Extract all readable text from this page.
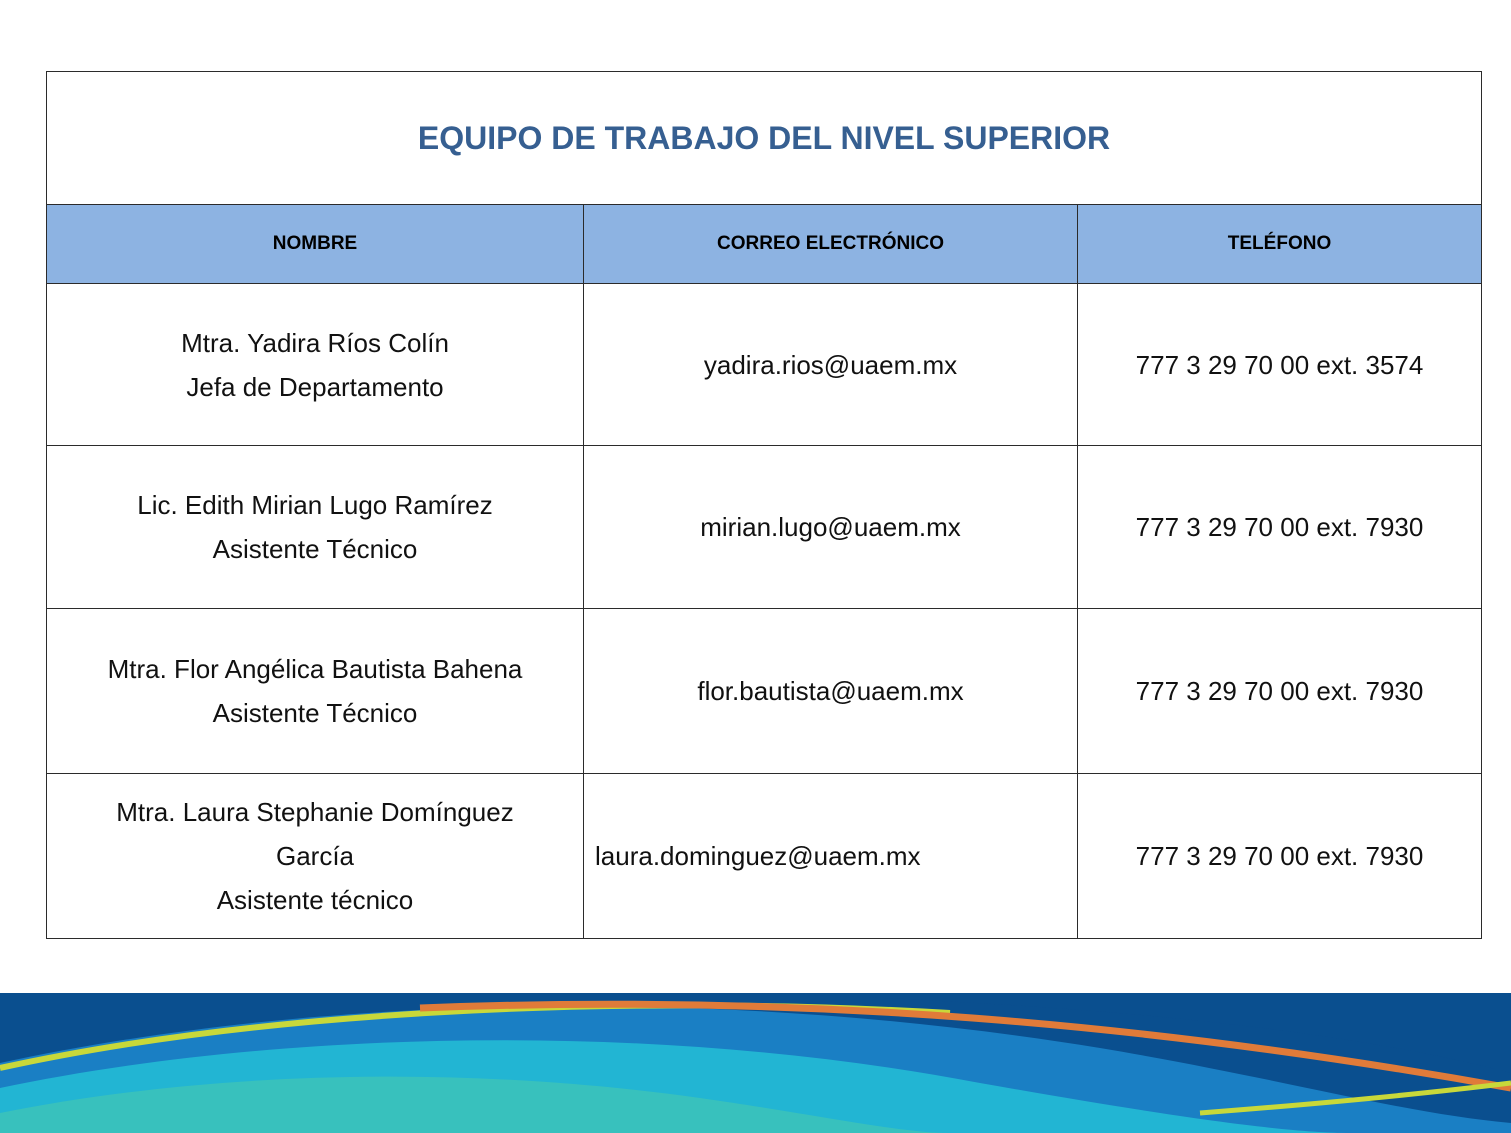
EQUIPO DE TRABAJO DEL NIVEL SUPERIOR		
NOMBRE	CORREO ELECTRÓNICO	TELÉFONO

Mtra. Yadira Ríos Colín
Jefa de Departamento	yadira.rios@uaem.mx	777 3 29 70 00 ext. 3574

Lic. Edith Mirian Lugo Ramírez
Asistente Técnico	mirian.lugo@uaem.mx	777 3 29 70 00 ext. 7930

Mtra. Flor Angélica Bautista Bahena
Asistente Técnico	flor.bautista@uaem.mx	777 3 29 70 00 ext. 7930

Mtra. Laura Stephanie Domínguez
García
Asistente técnico	laura.dominguez@uaem.mx	777 3 29 70 00 ext. 7930
